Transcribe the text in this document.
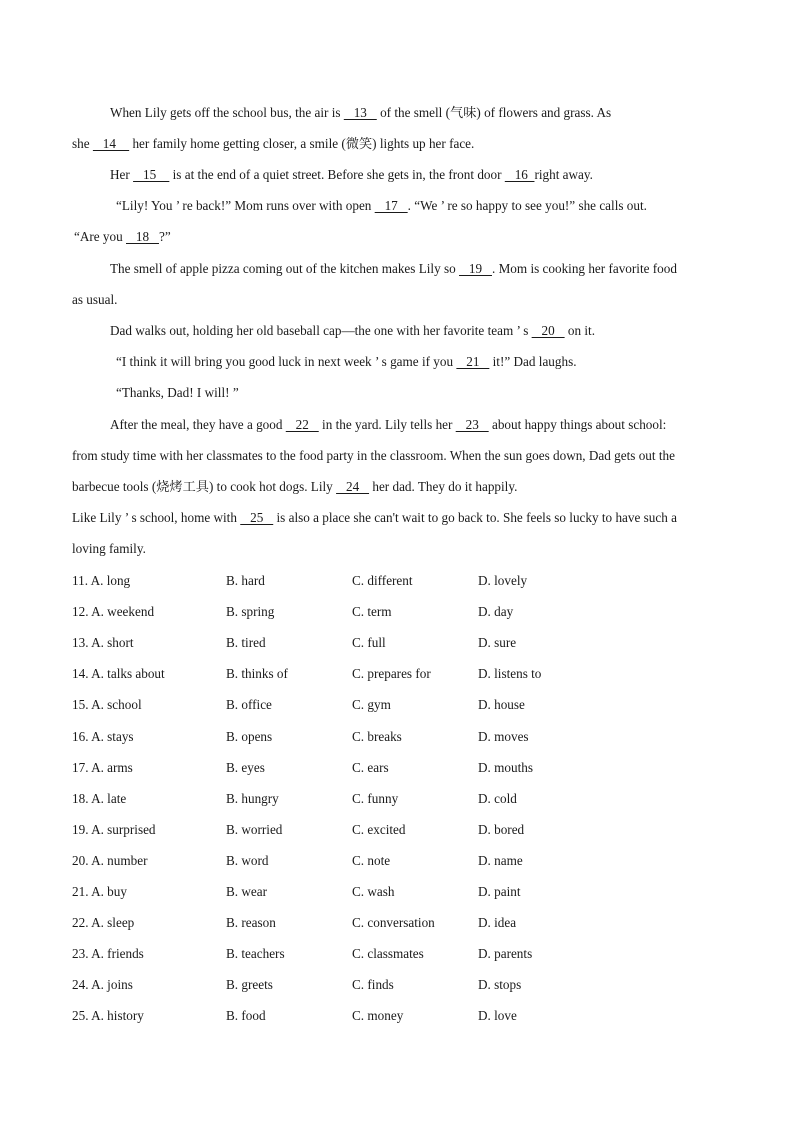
When Lily gets off the school bus, the air is    13    of the smell (气味) of flowers and grass. As
she    14     her family home getting closer, a smile (微笑) lights up her face.
Her    15     is at the end of a quiet street. Before she gets in, the front door    16  right away.
“Lily! You ’ re back!” Mom runs over with open    17   . “We ’ re so happy to see you!” she calls out.
“Are you    18   ?”
The smell of apple pizza coming out of the kitchen makes Lily so    19   . Mom is cooking her favorite food
as usual.
Dad walks out, holding her old baseball cap—the one with her favorite team ’ s    20    on it.
“I think it will bring you good luck in next week ’ s game if you    21    it!” Dad laughs.
“Thanks, Dad! I will! ”
After the meal, they have a good    22    in the yard. Lily tells her    23    about happy things about school:
from study time with her classmates to the food party in the classroom. When the sun goes down, Dad gets out the
barbecue tools (烧烤工具) to cook hot dogs. Lily    24    her dad. They do it happily.
Like Lily ’ s school, home with    25    is also a place she can't wait to go back to. She feels so lucky to have such a
loving family.
11. A. long	B. hard	C. different	D. lovely
12. A. weekend	B. spring	C. term	D. day
13. A. short	B. tired	C. full	D. sure
14. A. talks about	B. thinks of	C. prepares for	D. listens to
15. A. school	B. office	C. gym	D. house
16. A. stays	B. opens	C. breaks	D. moves
17. A. arms	B. eyes	C. ears	D. mouths
18. A. late	B. hungry	C. funny	D. cold
19. A. surprised	B. worried	C. excited	D. bored
20. A. number	B. word	C. note	D. name
21. A. buy	B. wear	C. wash	D. paint
22. A. sleep	B. reason	C. conversation	D. idea
23. A. friends	B. teachers	C. classmates	D. parents
24. A. joins	B. greets	C. finds	D. stops
25. A. history	B. food	C. money	D. love
